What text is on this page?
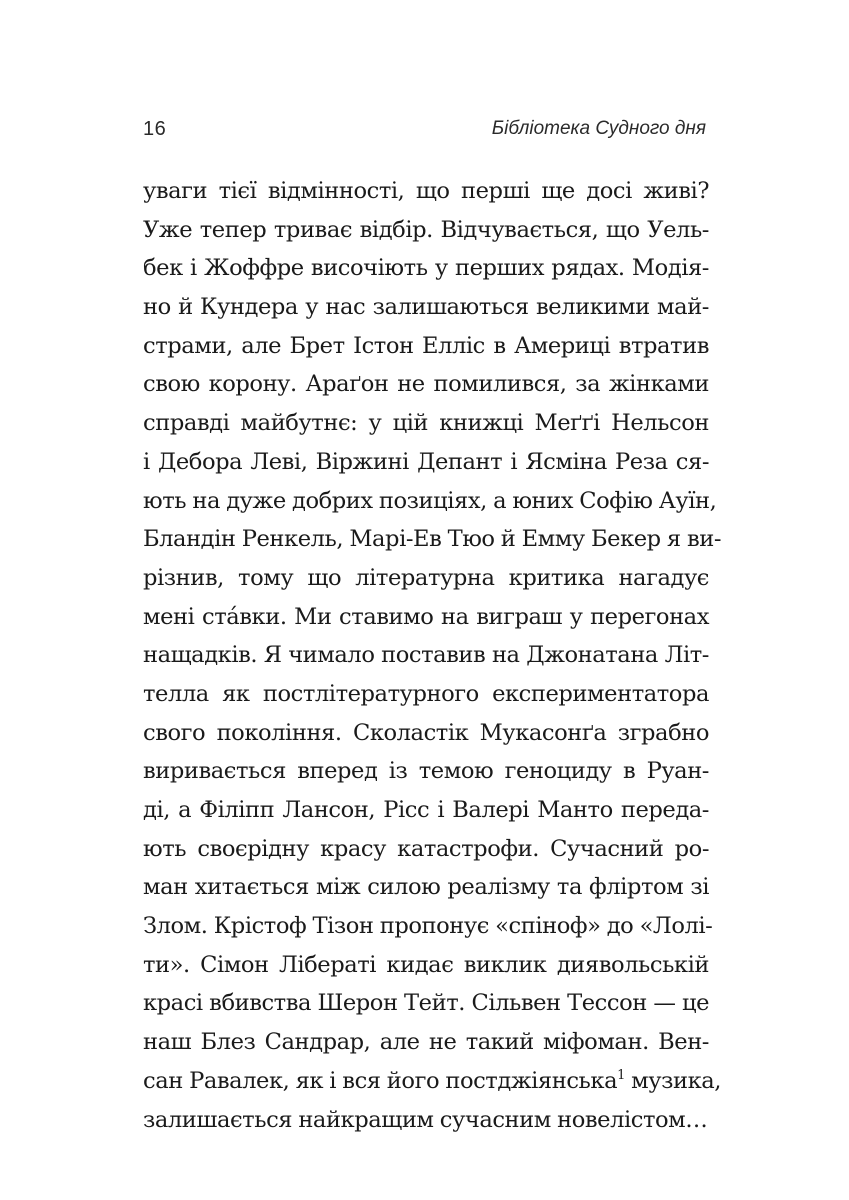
16	Бібліотека Судного дня
уваги тієї відмінності, що перші ще досі живі?
Уже тепер триває відбір. Відчувається, що Уель-
бек і Жоффре височіють у перших рядах. Модія-
но й Кундера у нас залишаються великими май-
страми, але Брет Істон Елліс в Америці втратив
свою корону. Араґон не помилився, за жінками
справді майбутнє: у цій книжці Меґґі Нельсон
і Дебора Леві, Віржині Депант і Ясміна Реза ся-
ють на дуже добрих позиціях, а юних Софію Ауїн,
Бландін Ренкель, Марі-Ев Тюо й Емму Бекер я ви-
різнив, тому що літературна критика нагадує
мені ста́вки. Ми ставимо на виграш у перегонах
нащадків. Я чимало поставив на Джонатана Літ-
телла як постлітературного експериментатора
свого покоління. Сколастік Мукасонґа зграбно
виривається вперед із темою геноциду в Руан-
ді, а Філіпп Лансон, Рісс і Валері Манто переда-
ють своєрідну красу катастрофи. Сучасний ро-
ман хитається між силою реалізму та фліртом зі
Злом. Крістоф Тізон пропонує «спіноф» до «Лолі-
ти». Сімон Лібераті кидає виклик диявольській
красі вбивства Шерон Тейт. Сільвен Тессон — це
наш Блез Сандрар, але не такий міфоман. Вен-
сан Равалек, як і вся його постджіянська$^1$ музика,
залишається найкращим сучасним новелістом…
